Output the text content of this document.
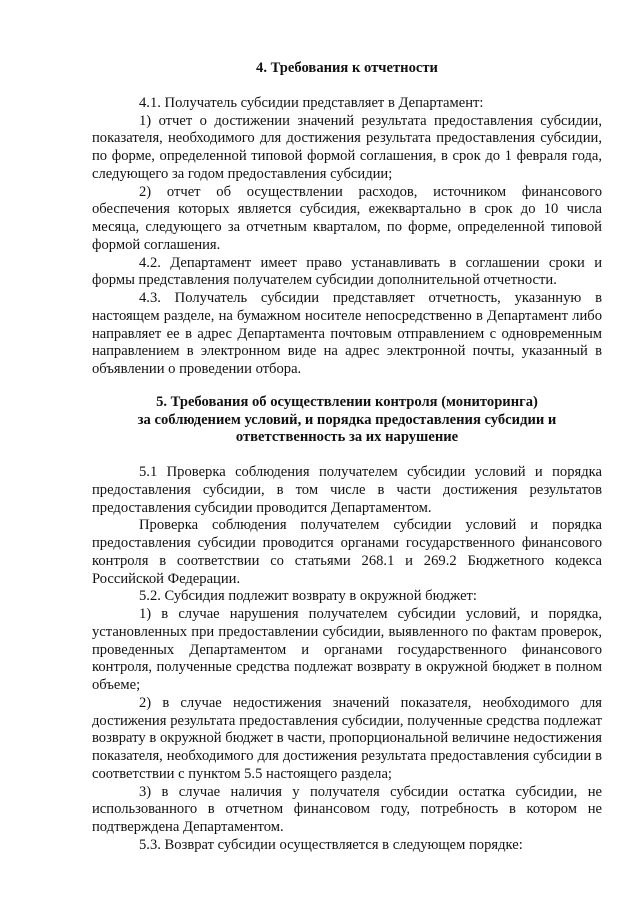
4. Требования к отчетности

4.1. Получатель субсидии представляет в Департамент:

1) отчет о достижении значений результата предоставления субсидии, показателя, необходимого для достижения результата предоставления субсидии, по форме, определенной типовой формой соглашения, в срок до 1 февраля года, следующего за годом предоставления субсидии;

2) отчет об осуществлении расходов, источником финансового обеспечения которых является субсидия, ежеквартально в срок до 10 числа месяца, следующего за отчетным кварталом, по форме, определенной типовой формой соглашения.

4.2. Департамент имеет право устанавливать в соглашении сроки и формы представления получателем субсидии дополнительной отчетности.

4.3. Получатель субсидии представляет отчетность, указанную в настоящем разделе, на бумажном носителе непосредственно в Департамент либо направляет ее в адрес Департамента почтовым отправлением с одновременным направлением в электронном виде на адрес электронной почты, указанный в объявлении о проведении отбора.

5. Требования об осуществлении контроля (мониторинга)
за соблюдением условий, и порядка предоставления субсидии и
ответственность за их нарушение

5.1 Проверка соблюдения получателем субсидии условий и порядка предоставления субсидии, в том числе в части достижения результатов предоставления субсидии проводится Департаментом.

Проверка соблюдения получателем субсидии условий и порядка предоставления субсидии проводится органами государственного финансового контроля в соответствии со статьями 268.1 и 269.2 Бюджетного кодекса Российской Федерации.

5.2. Субсидия подлежит возврату в окружной бюджет:

1) в случае нарушения получателем субсидии условий, и порядка, установленных при предоставлении субсидии, выявленного по фактам проверок, проведенных Департаментом и органами государственного финансового контроля, полученные средства подлежат возврату в окружной бюджет в полном объеме;

2) в случае недостижения значений показателя, необходимого для достижения результата предоставления субсидии, полученные средства подлежат возврату в окружной бюджет в части, пропорциональной величине недостижения показателя, необходимого для достижения результата предоставления субсидии в соответствии с пунктом 5.5 настоящего раздела;

3) в случае наличия у получателя субсидии остатка субсидии, не использованного в отчетном финансовом году, потребность в котором не подтверждена Департаментом.

5.3. Возврат субсидии осуществляется в следующем порядке:
